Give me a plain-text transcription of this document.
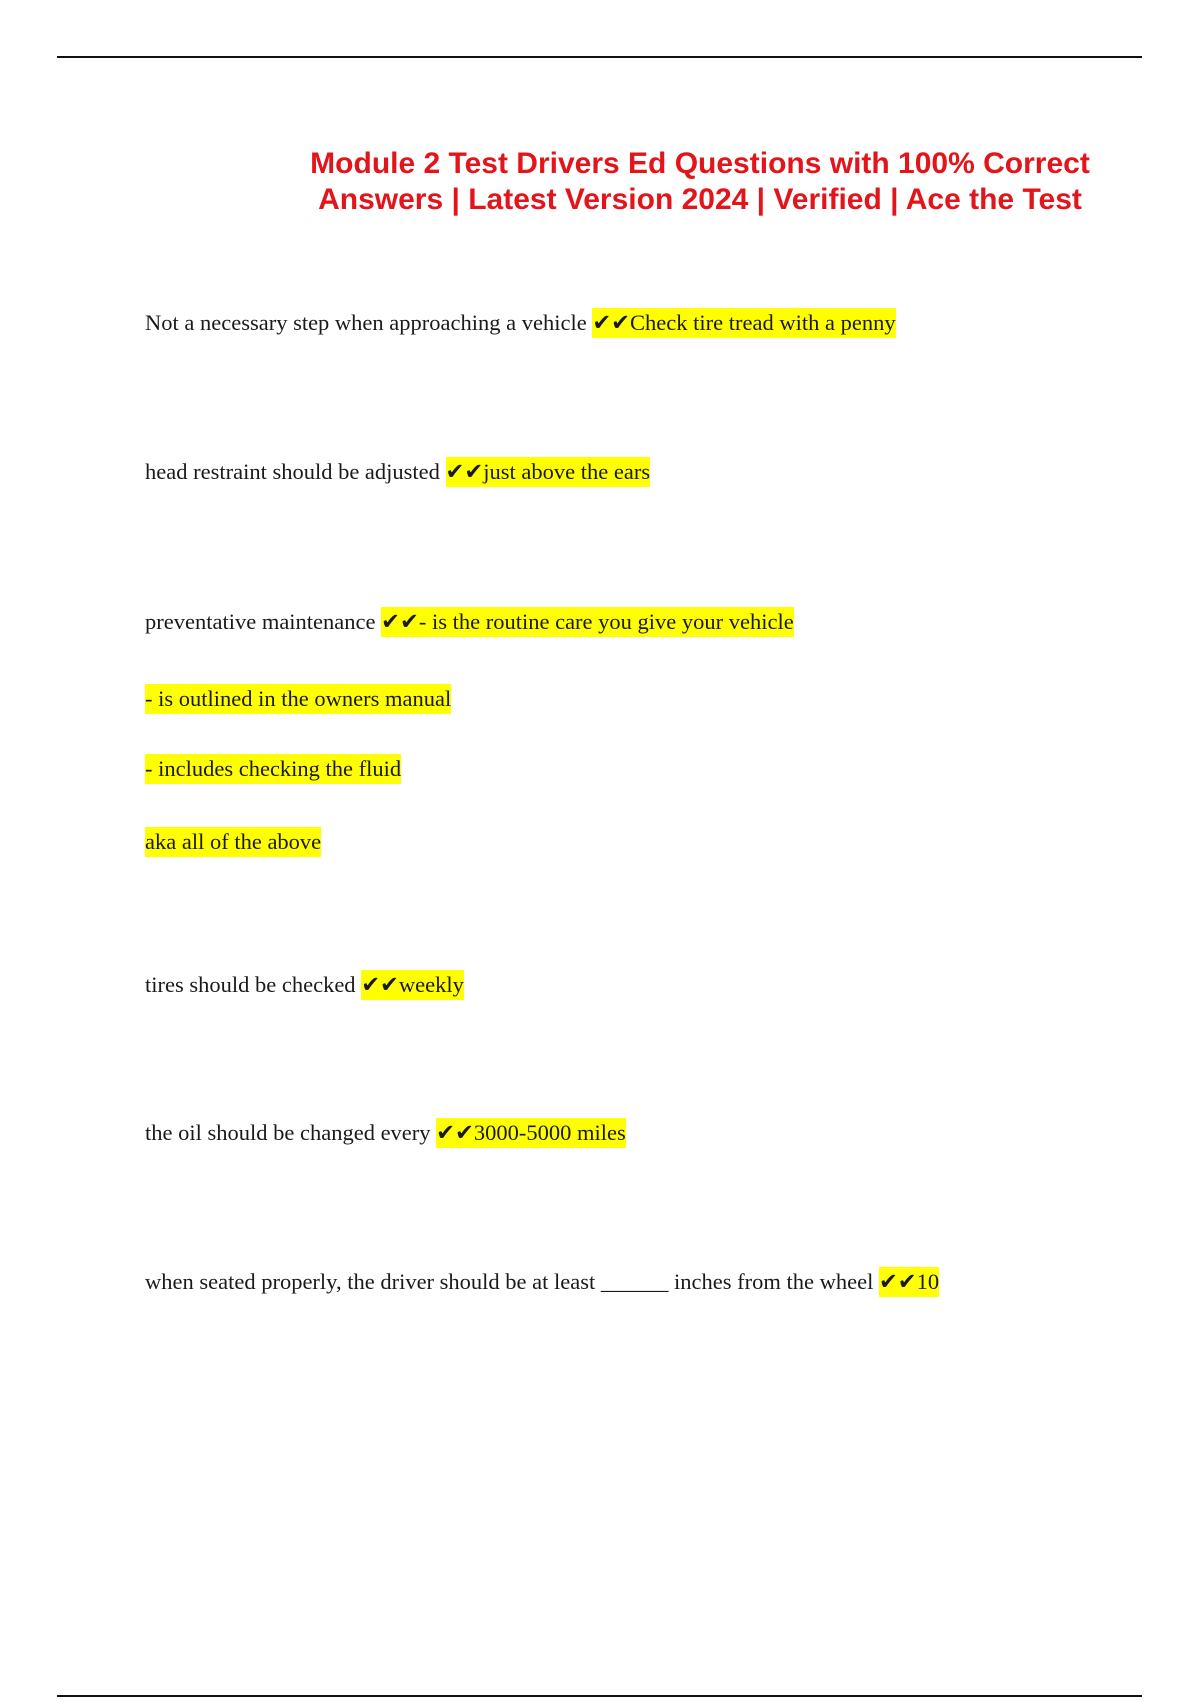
Module 2 Test Drivers Ed Questions with 100% Correct Answers | Latest Version 2024 | Verified | Ace the Test
Not a necessary step when approaching a vehicle ✔✔Check tire tread with a penny
head restraint should be adjusted ✔✔just above the ears
preventative maintenance ✔✔- is the routine care you give your vehicle
- is outlined in the owners manual
- includes checking the fluid
aka all of the above
tires should be checked ✔✔weekly
the oil should be changed every ✔✔3000-5000 miles
when seated properly, the driver should be at least ______ inches from the wheel ✔✔10
